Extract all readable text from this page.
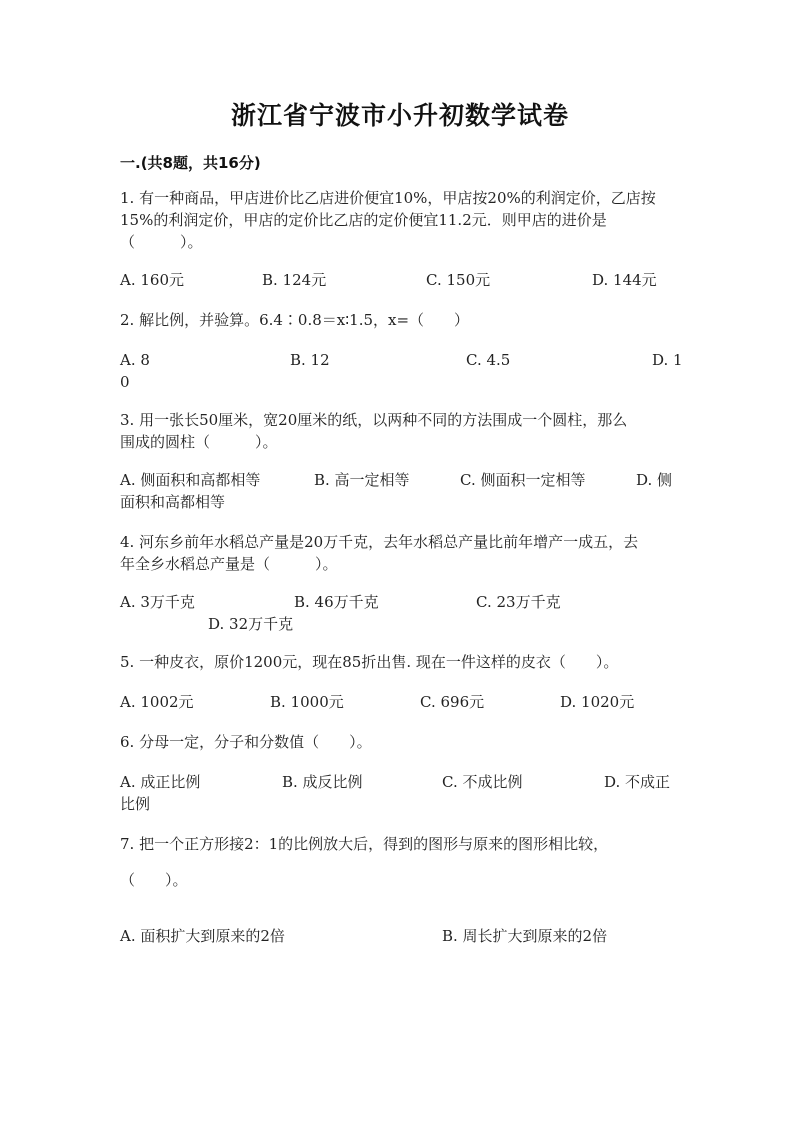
浙江省宁波市小升初数学试卷
一.(共8题，共16分)
1. 有一种商品，甲店进价比乙店进价便宜10%，甲店按20%的利润定价，乙店按
15%的利润定价，甲店的定价比乙店的定价便宜11.2元．则甲店的进价是
（　　　）。
A. 160元	B. 124元	C. 150元	D. 144元
2. 解比例，并验算。6.4∶0.8＝x∶1.5，x=（　　）
A. 8	B. 12	C. 4.5	D. 1
0
3. 用一张长50厘米，宽20厘米的纸，以两种不同的方法围成一个圆柱，那么
围成的圆柱（　　　）。
A. 侧面积和高都相等	B. 高一定相等	C. 侧面积一定相等	D. 侧
面积和高都相等
4. 河东乡前年水稻总产量是20万千克，去年水稻总产量比前年增产一成五，去
年全乡水稻总产量是（　　　）。
A. 3万千克	B. 46万千克	C. 23万千克
D. 32万千克
5. 一种皮衣，原价1200元，现在85折出售. 现在一件这样的皮衣（　　）。
A. 1002元	B. 1000元	C. 696元	D. 1020元
6. 分母一定，分子和分数值（　　）。
A. 成正比例	B. 成反比例	C. 不成比例	D. 不成正
比例
7. 把一个正方形接2：1的比例放大后，得到的图形与原来的图形相比较，
（　　）。
A. 面积扩大到原来的2倍	B. 周长扩大到原来的2倍
